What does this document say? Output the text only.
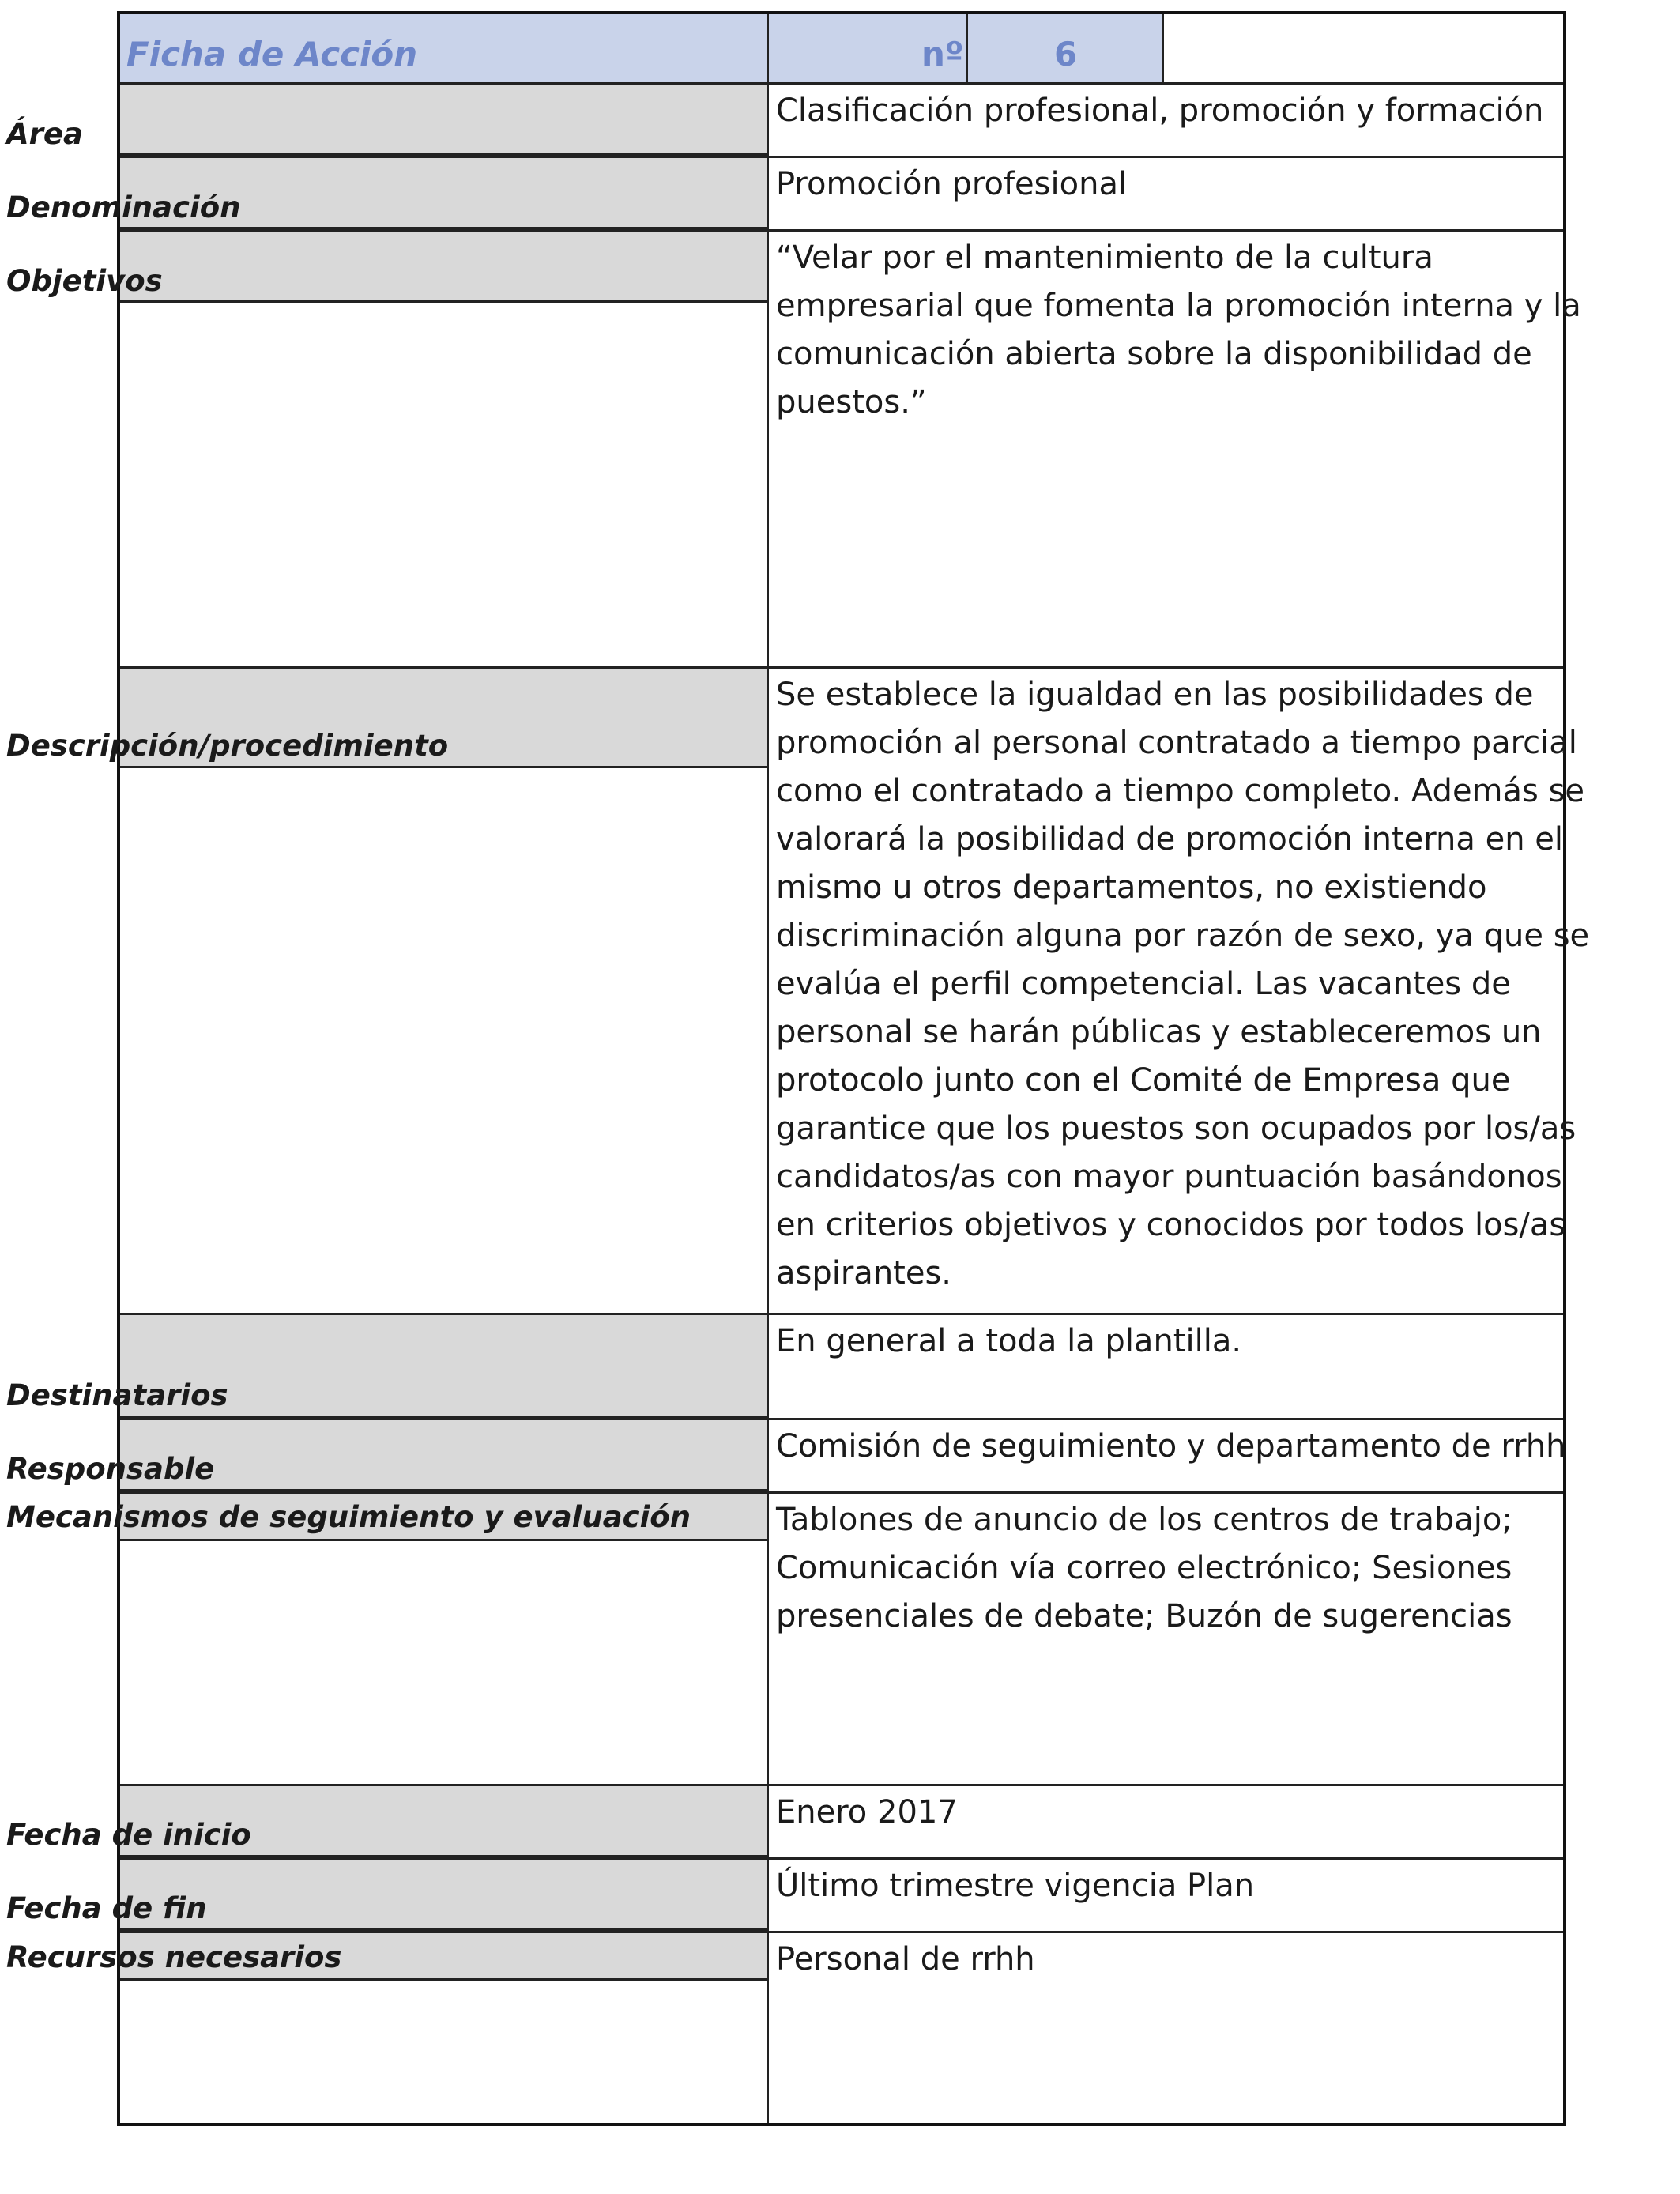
Ficha de Acción	nº	6
Área
Denominación
Objetivos
Descripción/procedimiento
Destinatarios
Responsable
Mecanismos de seguimiento y evaluación
Fecha de inicio
Fecha de fin
Recursos necesarios
Clasificación profesional, promoción y formación
Promoción profesional
“Velar por el mantenimiento de la cultura
empresarial que fomenta la promoción interna y la
comunicación abierta sobre la disponibilidad de
puestos.”
Se establece la igualdad en las posibilidades de
promoción al personal contratado a tiempo parcial
como el contratado a tiempo completo. Además se
valorará la posibilidad de promoción interna en el
mismo u otros departamentos, no existiendo
discriminación alguna por razón de sexo, ya que se
evalúa el perfil competencial. Las vacantes de
personal se harán públicas y estableceremos un
protocolo junto con el Comité de Empresa que
garantice que los puestos son ocupados por los/as
candidatos/as con mayor puntuación basándonos
en criterios objetivos y conocidos por todos los/as
aspirantes.
En general a toda la plantilla.
Comisión de seguimiento y departamento de rrhh
Tablones de anuncio de los centros de trabajo;
Comunicación vía correo electrónico; Sesiones
presenciales de debate; Buzón de sugerencias
Enero 2017
Último trimestre vigencia Plan
Personal de rrhh
